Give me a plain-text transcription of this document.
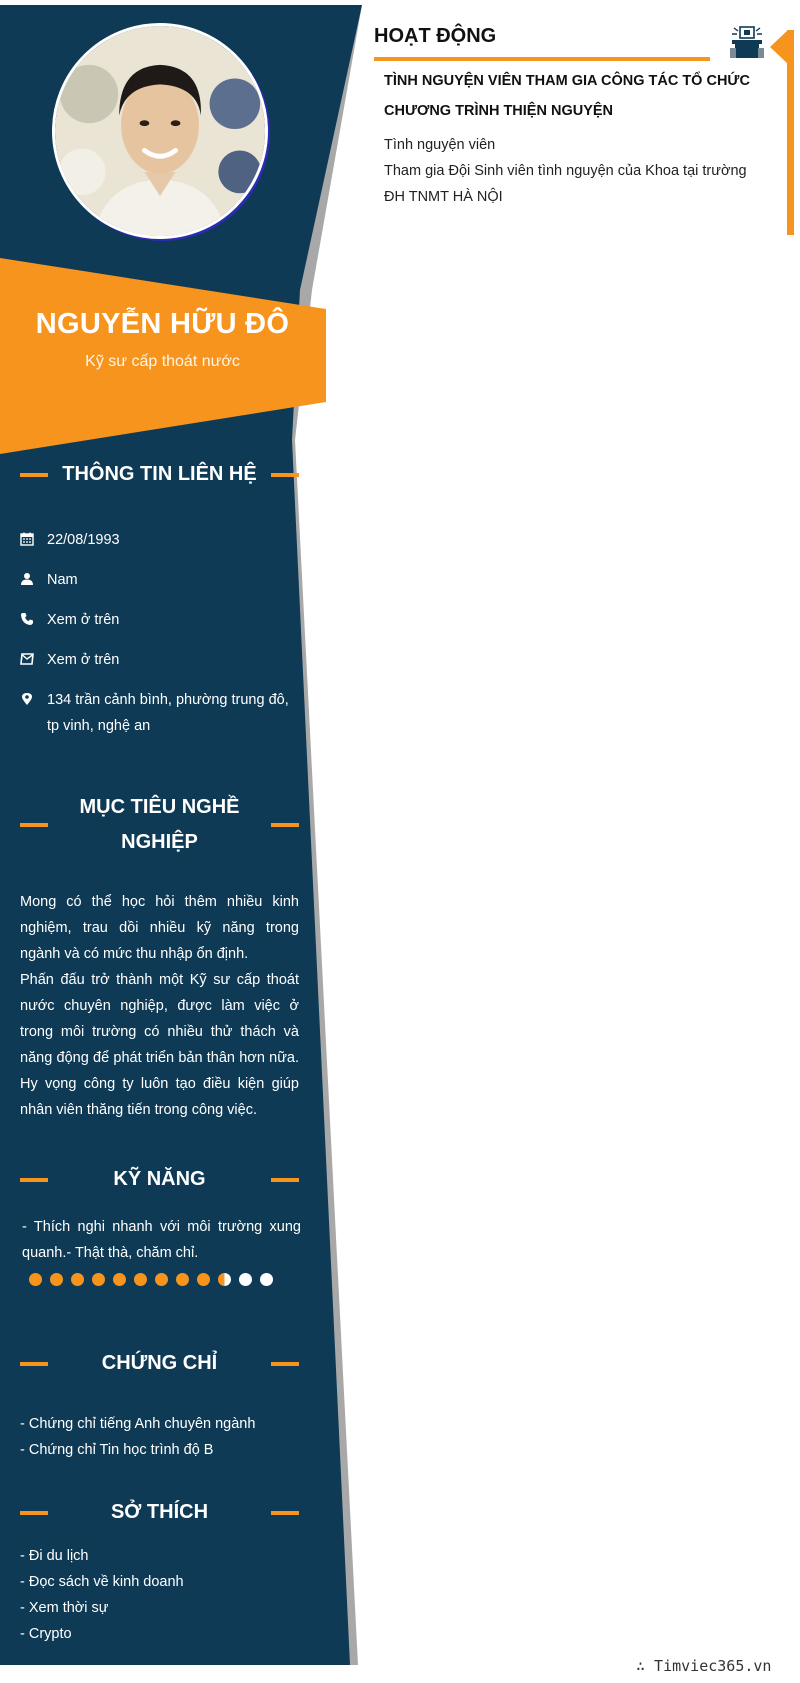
NGUYỄN HỮU ĐÔ
Kỹ sư cấp thoát nước
THÔNG TIN LIÊN HỆ
22/08/1993
Nam
Xem ở trên
Xem ở trên
134 trần cảnh bình, phường trung đô, tp vinh, nghệ an
MỤC TIÊU NGHỀ NGHIỆP
Mong có thể học hỏi thêm nhiều kinh nghiệm, trau dồi nhiều kỹ năng trong ngành và có mức thu nhập ổn định.
Phấn đấu trở thành một Kỹ sư cấp thoát nước chuyên nghiệp, được làm việc ở trong môi trường có nhiều thử thách và năng động để phát triển bản thân hơn nữa. Hy vọng công ty luôn tạo điều kiện giúp nhân viên thăng tiến trong công việc.
KỸ NĂNG
- Thích nghi nhanh với môi trường xung quanh.- Thật thà, chăm chỉ.
CHỨNG CHỈ
- Chứng chỉ tiếng Anh chuyên ngành
- Chứng chỉ Tin học trình độ B
SỞ THÍCH
- Đi du lịch
- Đọc sách về kinh doanh
- Xem thời sự
- Crypto
HOẠT ĐỘNG
TÌNH NGUYỆN VIÊN THAM GIA CÔNG TÁC TỔ CHỨC CHƯƠNG TRÌNH THIỆN NGUYỆN
Tình nguyện viên
Tham gia Đội Sinh viên tình nguyện của Khoa tại trường ĐH TNMT HÀ NỘI
∴ Timviec365.vn
